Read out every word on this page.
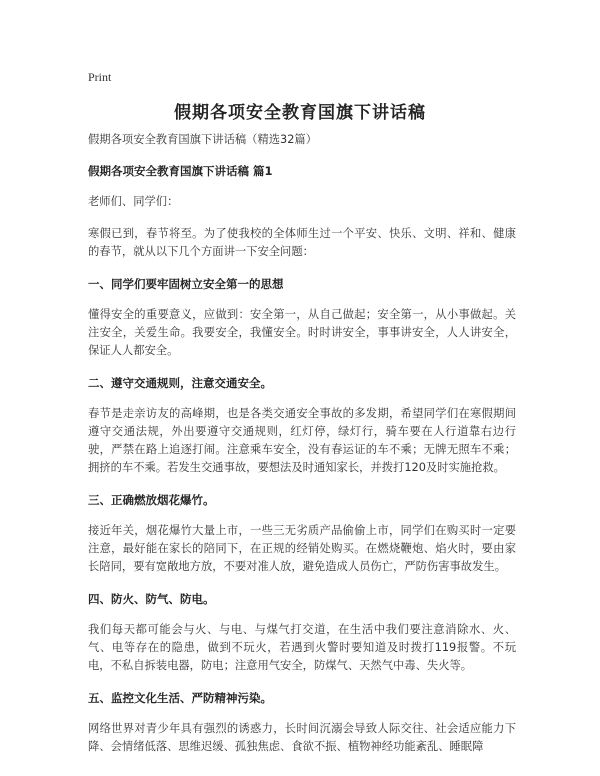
Print
假期各项安全教育国旗下讲话稿

假期各项安全教育国旗下讲话稿（精选32篇）

假期各项安全教育国旗下讲话稿 篇1

老师们、同学们：

寒假已到，春节将至。为了使我校的全体师生过一个平安、快乐、文明、祥和、健康的春节，就从以下几个方面讲一下安全问题：

一、同学们要牢固树立安全第一的思想

懂得安全的重要意义，应做到：安全第一，从自己做起；安全第一，从小事做起。关注安全，关爱生命。我要安全，我懂安全。时时讲安全，事事讲安全，人人讲安全，保证人人都安全。

二、遵守交通规则，注意交通安全。

春节是走亲访友的高峰期，也是各类交通安全事故的多发期，希望同学们在寒假期间遵守交通法规，外出要遵守交通规则，红灯停，绿灯行，骑车要在人行道靠右边行驶，严禁在路上追逐打闹。注意乘车安全，没有春运证的车不乘；无牌无照车不乘；拥挤的车不乘。若发生交通事故，要想法及时通知家长，并拨打120及时实施抢救。

三、正确燃放烟花爆竹。

接近年关，烟花爆竹大量上市，一些三无劣质产品偷偷上市，同学们在购买时一定要注意，最好能在家长的陪同下，在正规的经销处购买。在燃烧鞭炮、焰火时，要由家长陪同，要有宽敞地方放，不要对准人放，避免造成人员伤亡，严防伤害事故发生。

四、防火、防气、防电。

我们每天都可能会与火、与电、与煤气打交道，在生活中我们要注意消除水、火、气、电等存在的隐患，做到不玩火，若遇到火警时要知道及时拨打119报警。不玩电，不私自拆装电器，防电；注意用气安全，防煤气、天然气中毒、失火等。

五、监控文化生活、严防精神污染。

网络世界对青少年具有强烈的诱惑力，长时间沉溺会导致人际交往、社会适应能力下降、会情绪低落、思维迟缓、孤独焦虑、食欲不振、植物神经功能紊乱、睡眠障
